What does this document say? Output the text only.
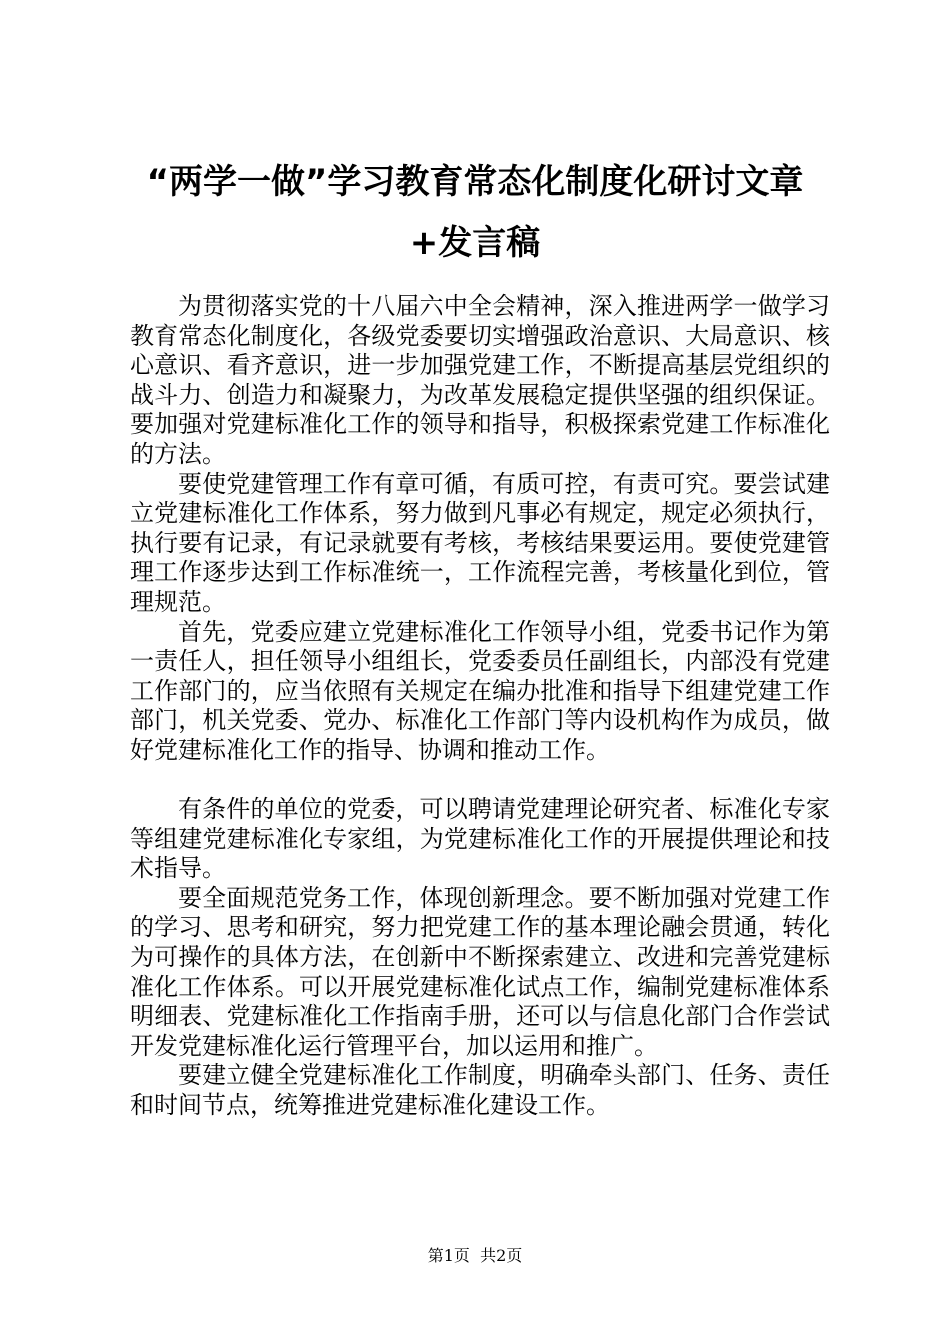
“两学一做”学习教育常态化制度化研讨文章
+发言稿

为贯彻落实党的十八届六中全会精神，深入推进两学一做学习教育常态化制度化，各级党委要切实增强政治意识、大局意识、核心意识、看齐意识，进一步加强党建工作，不断提高基层党组织的战斗力、创造力和凝聚力，为改革发展稳定提供坚强的组织保证。要加强对党建标准化工作的领导和指导，积极探索党建工作标准化的方法。

要使党建管理工作有章可循，有质可控，有责可究。要尝试建立党建标准化工作体系，努力做到凡事必有规定，规定必须执行，执行要有记录，有记录就要有考核，考核结果要运用。要使党建管理工作逐步达到工作标准统一，工作流程完善，考核量化到位，管理规范。

首先，党委应建立党建标准化工作领导小组，党委书记作为第一责任人，担任领导小组组长，党委委员任副组长，内部没有党建工作部门的，应当依照有关规定在编办批准和指导下组建党建工作部门，机关党委、党办、标准化工作部门等内设机构作为成员，做好党建标准化工作的指导、协调和推动工作。

有条件的单位的党委，可以聘请党建理论研究者、标准化专家等组建党建标准化专家组，为党建标准化工作的开展提供理论和技术指导。

要全面规范党务工作，体现创新理念。要不断加强对党建工作的学习、思考和研究，努力把党建工作的基本理论融会贯通，转化为可操作的具体方法，在创新中不断探索建立、改进和完善党建标准化工作体系。可以开展党建标准化试点工作，编制党建标准体系明细表、党建标准化工作指南手册，还可以与信息化部门合作尝试开发党建标准化运行管理平台，加以运用和推广。

要建立健全党建标准化工作制度，明确牵头部门、任务、责任和时间节点，统筹推进党建标准化建设工作。

第1页  共2页
